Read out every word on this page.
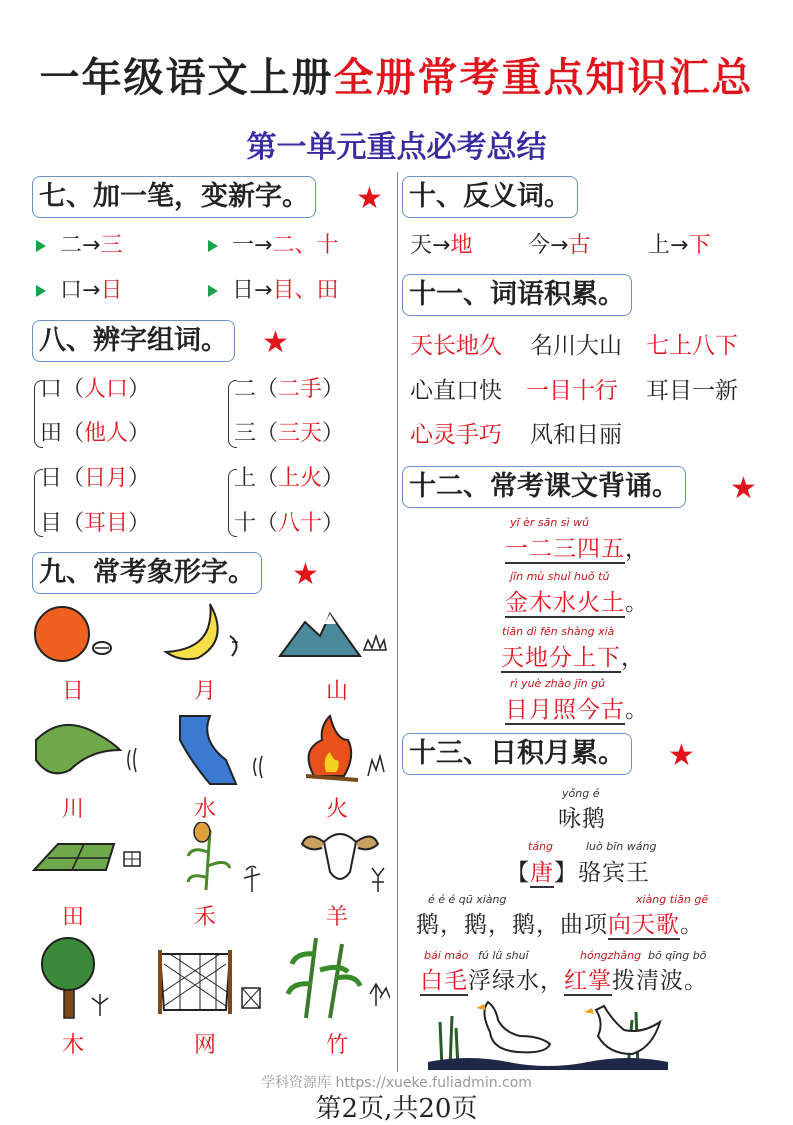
一年级语文上册全册常考重点知识汇总
第一单元重点必考总结
七、加一笔，变新字。 ★
二→三	一→二、十
口→日	日→目、田
八、辨字组词。 ★
口（人口）
田（他人）
二（二手）
三（三天）
日（日月）
目（耳目）
上（上火）
十（八十）
九、常考象形字。 ★
日	月	山
川	水	火
田	禾	羊
木	网	竹
十、反义词。
天→地	今→古	上→下
十一、词语积累。
天长地久 名川大山 七上八下
心直口快 一目十行 耳目一新
心灵手巧 风和日丽
十二、常考课文背诵。 ★
yī èr sān sì wǔ
一二三四五，
jīn mù shuǐ huǒ tǔ
金木水火土。
tiān dì fēn shàng xià
天地分上下，
rì yuè zhào jīn gǔ
日月照今古。
十三、日积月累。 ★
yǒng é
咏鹅
táng	luò bīn wáng
【唐】骆宾王
é é é qū xiàng	xiàng tiān gē
鹅，鹅，鹅，曲项向天歌。
bái máo fú lǜ shuǐ	hóngzhǎng bō qīng bō
白毛浮绿水，红掌拨清波。
学科资源库 https://xueke.fuliadmin.com
第2页,共20页
